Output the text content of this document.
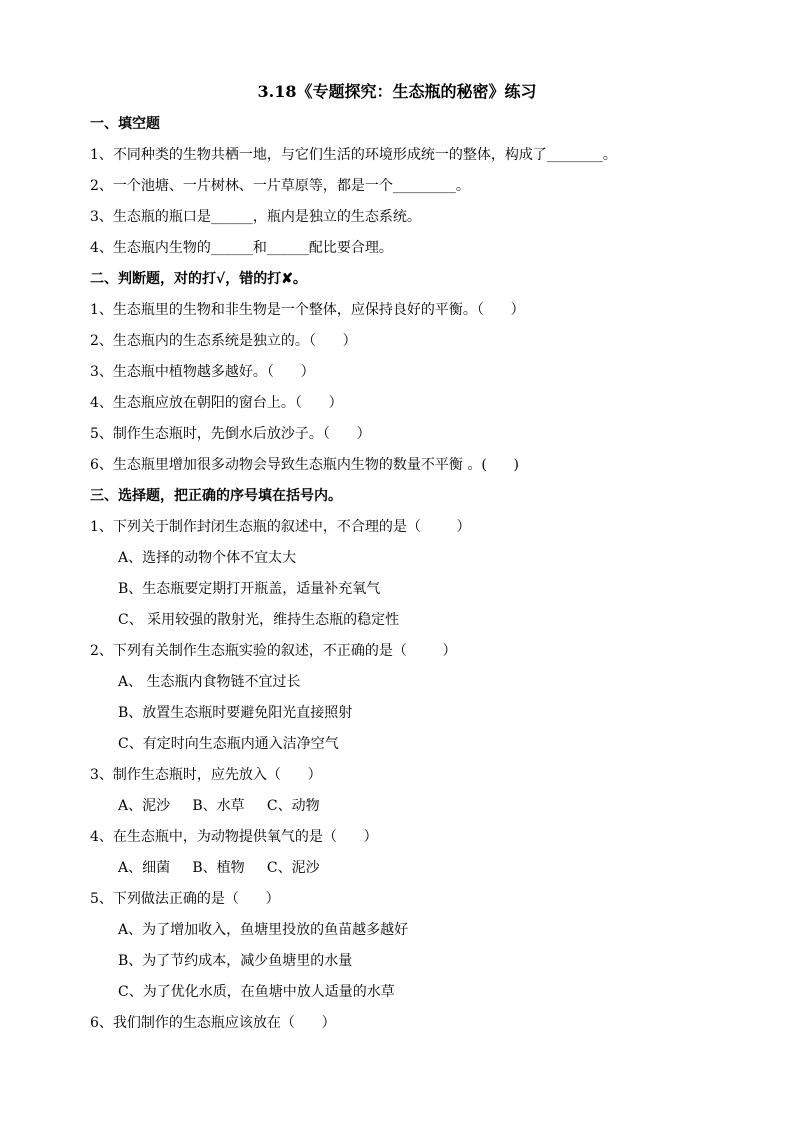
3.18《专题探究：生态瓶的秘密》练习
一、填空题
1、不同种类的生物共栖一地，与它们生活的环境形成统一的整体，构成了________。
2、一个池塘、一片树林、一片草原等，都是一个_________。
3、生态瓶的瓶口是______，瓶内是独立的生态系统。
4、生态瓶内生物的______和______配比要合理。
二、判断题，对的打√，错的打✘。
1、生态瓶里的生物和非生物是一个整体，应保持良好的平衡。（      ）
2、生态瓶内的生态系统是独立的。（      ）
3、生态瓶中植物越多越好。（      ）
4、生态瓶应放在朝阳的窗台上。（      ）
5、制作生态瓶时，先倒水后放沙子。（      ）
6、生态瓶里增加很多动物会导致生态瓶内生物的数量不平衡 。(      )
三、选择题，把正确的序号填在括号内。
1、下列关于制作封闭生态瓶的叙述中，不合理的是（        ）
A、选择的动物个体不宜太大
B、生态瓶要定期打开瓶盖，适量补充氧气
C、 采用较强的散射光，维持生态瓶的稳定性
2、下列有关制作生态瓶实验的叙述，不正确的是（        ）
A、 生态瓶内食物链不宜过长
B、放置生态瓶时要避免阳光直接照射
C、有定时向生态瓶内通入洁净空气
3、制作生态瓶时，应先放入（      ）
A、泥沙     B、水草     C、动物
4、在生态瓶中，为动物提供氧气的是（      ）
A、细菌     B、植物     C、泥沙
5、下列做法正确的是（      ）
A、为了增加收入，鱼塘里投放的鱼苗越多越好
B、为了节约成本，减少鱼塘里的水量
C、为了优化水质，在鱼塘中放人适量的水草
6、我们制作的生态瓶应该放在（      ）
